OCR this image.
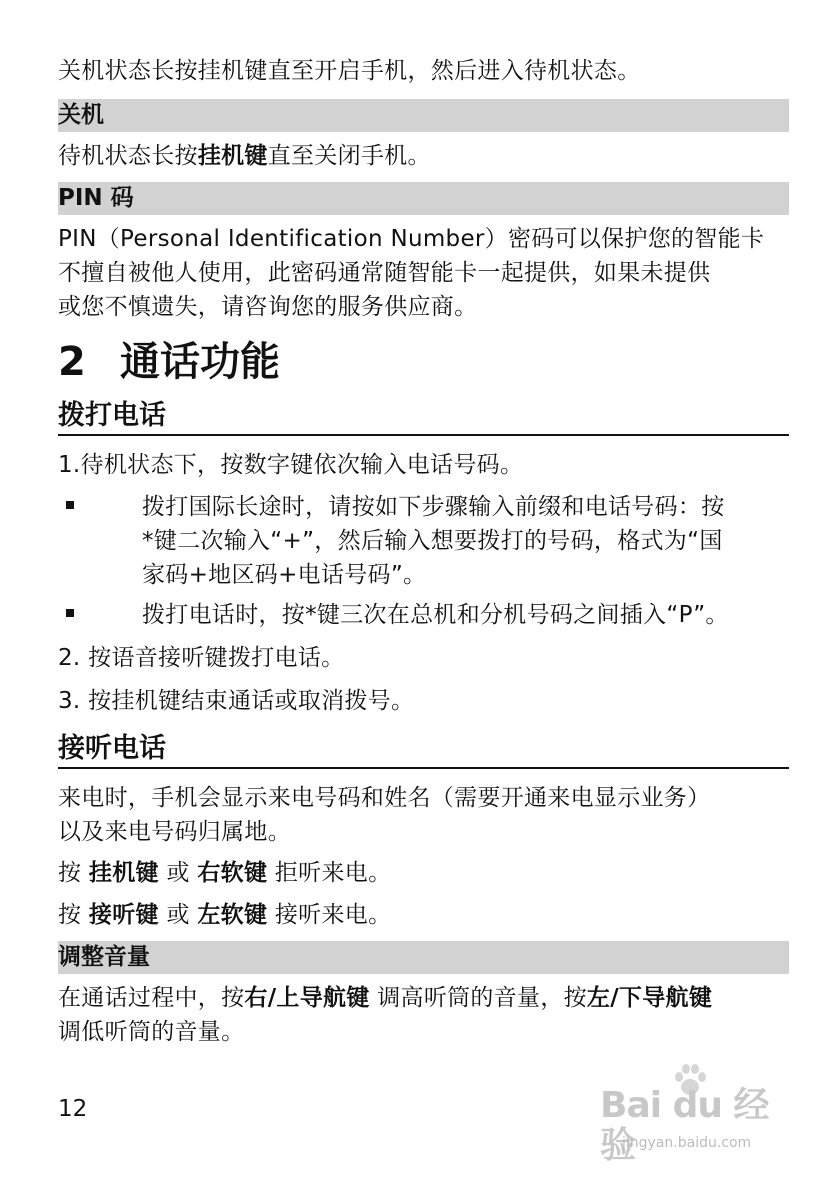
关机状态长按挂机键直至开启手机，然后进入待机状态。
关机
待机状态长按挂机键直至关闭手机。
PIN 码
PIN（Personal Identification Number）密码可以保护您的智能卡
不擅自被他人使用，此密码通常随智能卡一起提供，如果未提供
或您不慎遗失，请咨询您的服务供应商。
2 通话功能
拨打电话
1.待机状态下，按数字键依次输入电话号码。
拨打国际长途时，请按如下步骤输入前缀和电话号码：按
*键二次输入“+”，然后输入想要拨打的号码，格式为“国
家码+地区码+电话号码”。
拨打电话时，按*键三次在总机和分机号码之间插入“P”。
2. 按语音接听键拨打电话。
3. 按挂机键结束通话或取消拨号。
接听电话
来电时，手机会显示来电号码和姓名（需要开通来电显示业务）
以及来电号码归属地。
按 挂机键 或 右软键 拒听来电。
按 接听键 或 左软键 接听来电。
调整音量
在通话过程中，按右/上导航键 调高听筒的音量，按左/下导航键
调低听筒的音量。
12	Bai du 经验
jingyan.baidu.com
